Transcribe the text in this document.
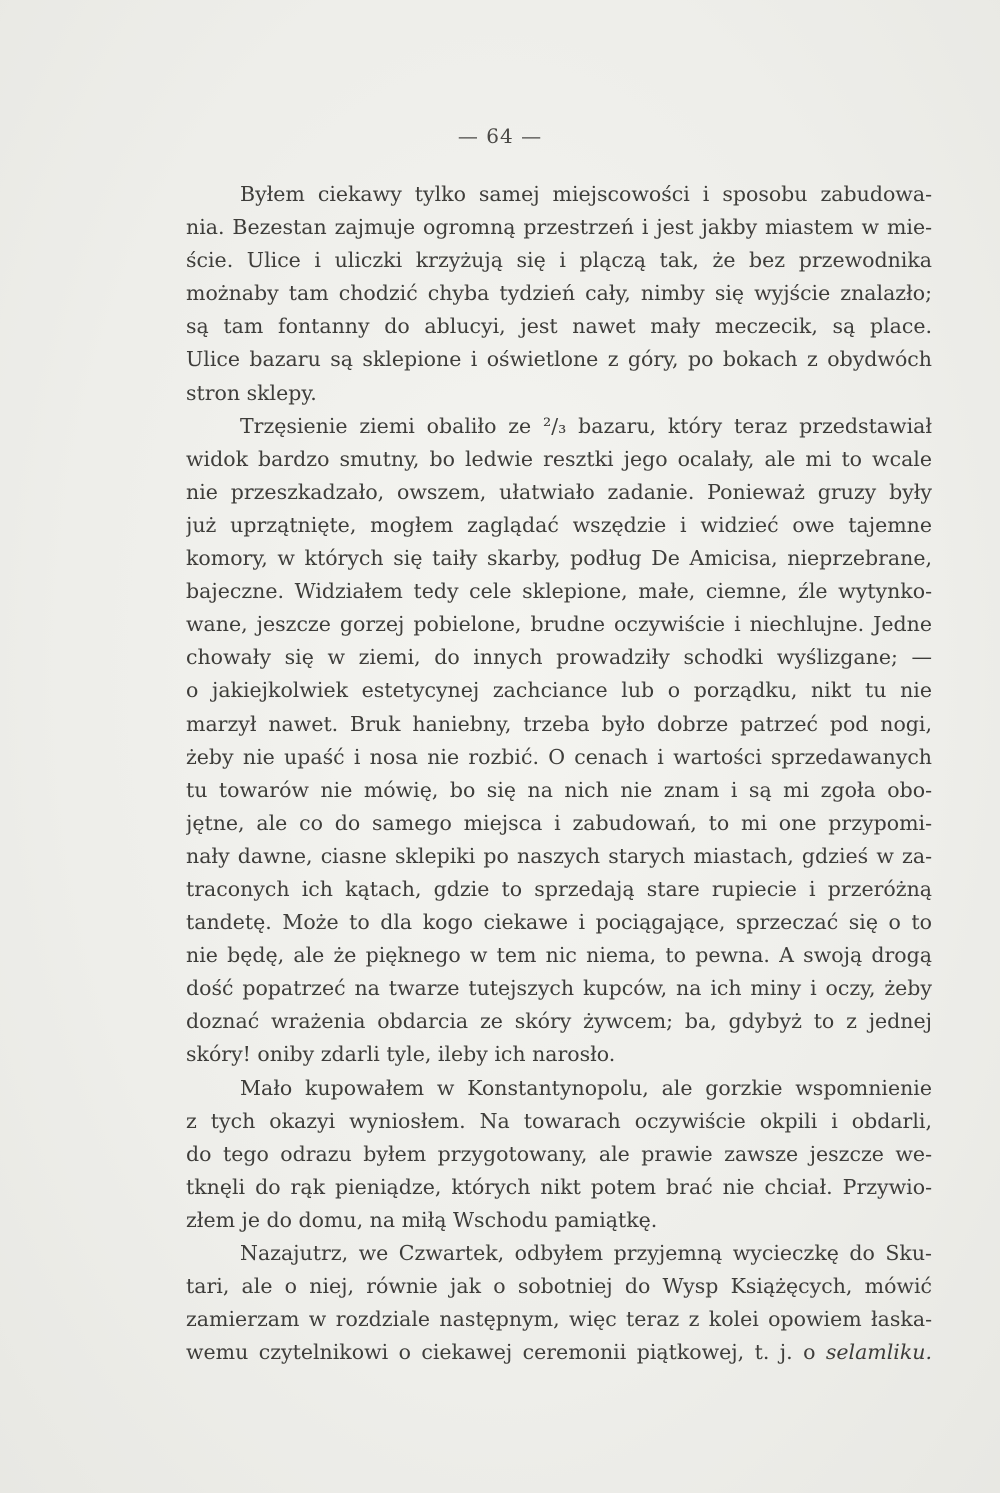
— 64 —
Byłem ciekawy tylko samej miejscowości i sposobu zabudowa-
nia. Bezestan zajmuje ogromną przestrzeń i jest jakby miastem w mie-
ście. Ulice i uliczki krzyżują się i plączą tak, że bez przewodnika
możnaby tam chodzić chyba tydzień cały, nimby się wyjście znalazło;
są tam fontanny do ablucyi, jest nawet mały meczecik, są place.
Ulice bazaru są sklepione i oświetlone z góry, po bokach z obydwóch
stron sklepy.
Trzęsienie ziemi obaliło ze ²/₃ bazaru, który teraz przedstawiał
widok bardzo smutny, bo ledwie resztki jego ocalały, ale mi to wcale
nie przeszkadzało, owszem, ułatwiało zadanie. Ponieważ gruzy były
już uprzątnięte, mogłem zaglądać wszędzie i widzieć owe tajemne
komory, w których się taiły skarby, podług De Amicisa, nieprzebrane,
bajeczne. Widziałem tedy cele sklepione, małe, ciemne, źle wytynko-
wane, jeszcze gorzej pobielone, brudne oczywiście i niechlujne. Jedne
chowały się w ziemi, do innych prowadziły schodki wyślizgane; —
o jakiejkolwiek estetycynej zachciance lub o porządku, nikt tu nie
marzył nawet. Bruk haniebny, trzeba było dobrze patrzeć pod nogi,
żeby nie upaść i nosa nie rozbić. O cenach i wartości sprzedawanych
tu towarów nie mówię, bo się na nich nie znam i są mi zgoła obo-
jętne, ale co do samego miejsca i zabudowań, to mi one przypomi-
nały dawne, ciasne sklepiki po naszych starych miastach, gdzieś w za-
traconych ich kątach, gdzie to sprzedają stare rupiecie i przeróżną
tandetę. Może to dla kogo ciekawe i pociągające, sprzeczać się o to
nie będę, ale że pięknego w tem nic niema, to pewna. A swoją drogą
dość popatrzeć na twarze tutejszych kupców, na ich miny i oczy, żeby
doznać wrażenia obdarcia ze skóry żywcem; ba, gdybyż to z jednej
skóry! oniby zdarli tyle, ileby ich narosło.
Mało kupowałem w Konstantynopolu, ale gorzkie wspomnienie
z tych okazyi wyniosłem. Na towarach oczywiście okpili i obdarli,
do tego odrazu byłem przygotowany, ale prawie zawsze jeszcze we-
tknęli do rąk pieniądze, których nikt potem brać nie chciał. Przywio-
złem je do domu, na miłą Wschodu pamiątkę.
Nazajutrz, we Czwartek, odbyłem przyjemną wycieczkę do Sku-
tari, ale o niej, równie jak o sobotniej do Wysp Książęcych, mówić
zamierzam w rozdziale następnym, więc teraz z kolei opowiem łaska-
wemu czytelnikowi o ciekawej ceremonii piątkowej, t. j. o selamliku.
